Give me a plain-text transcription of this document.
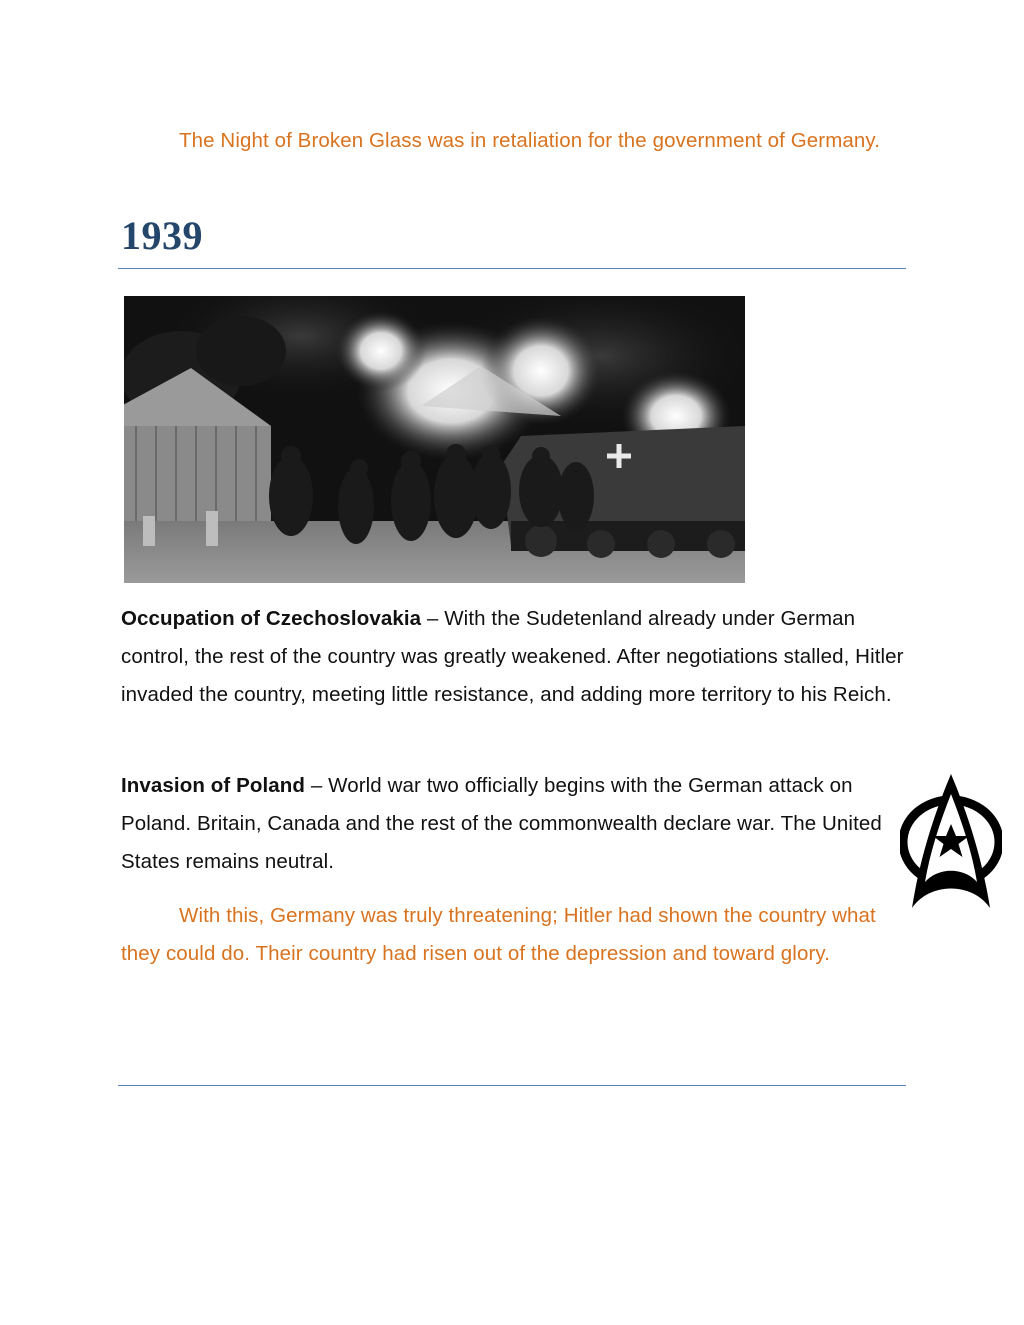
The Night of Broken Glass was in retaliation for the government of Germany.

1939

Occupation of Czechoslovakia – With the Sudetenland already under German control, the rest of the country was greatly weakened. After negotiations stalled, Hitler invaded the country, meeting little resistance, and adding more territory to his Reich.

Invasion of Poland – World war two officially begins with the German attack on Poland. Britain, Canada and the rest of the commonwealth declare war. The United States remains neutral.

With this, Germany was truly threatening; Hitler had shown the country what they could do. Their country had risen out of the depression and toward glory.
